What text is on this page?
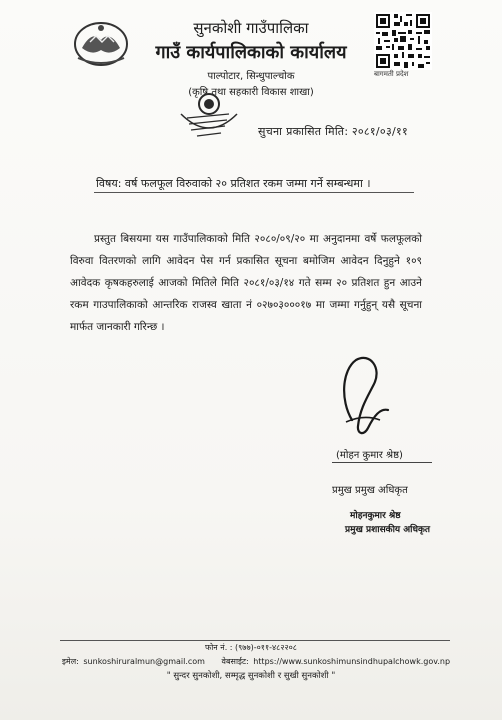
सुनकोशी गाउँपालिका
गाउँ कार्यपालिकाको कार्यालय
पाल्पोटार, सिन्धुपाल्चोक
(कृषि तथा सहकारी विकास शाखा)
बागमती प्रदेश
सुचना प्रकासित मिति: २०८१/०३/११
विषय: वर्ष फलफूल विरुवाको २० प्रतिशत रकम जम्मा गर्ने सम्बन्धमा ।

प्रस्तुत बिसयमा यस गाउँपालिकाको मिति २०८०/०९/२० मा अनुदानमा वर्षे फलफूलको विरुवा वितरणको लागि आवेदन पेस गर्न प्रकासित सूचना बमोजिम आवेदन दिनुहुने १०९ आवेदक कृषकहरुलाई आजको मितिले मिति २०८१/०३/१४ गते सम्म २० प्रतिशत हुन आउने रकम गाउपालिकाको आन्तरिक राजस्व खाता नं ०२७०३०००१७ मा जम्मा गर्नुहुन् यसै सूचना मार्फत जानकारी गरिन्छ ।

(मोहन कुमार श्रेष्ठ)
प्रमुख प्रमुख अधिकृत
मोहनकुमार श्रेष्ठ
प्रमुख प्रशासकीय अधिकृत
फोन नं. : (९७७)-०११-४८२२०८
इमेल: sunkoshiruralmun@gmail.com वेबसाईट: https://www.sunkoshimunsindhupalchowk.gov.np
" सुन्दर सुनकोशी, सम्मृद्ध सुनकोशी र सुखी सुनकोशी "
